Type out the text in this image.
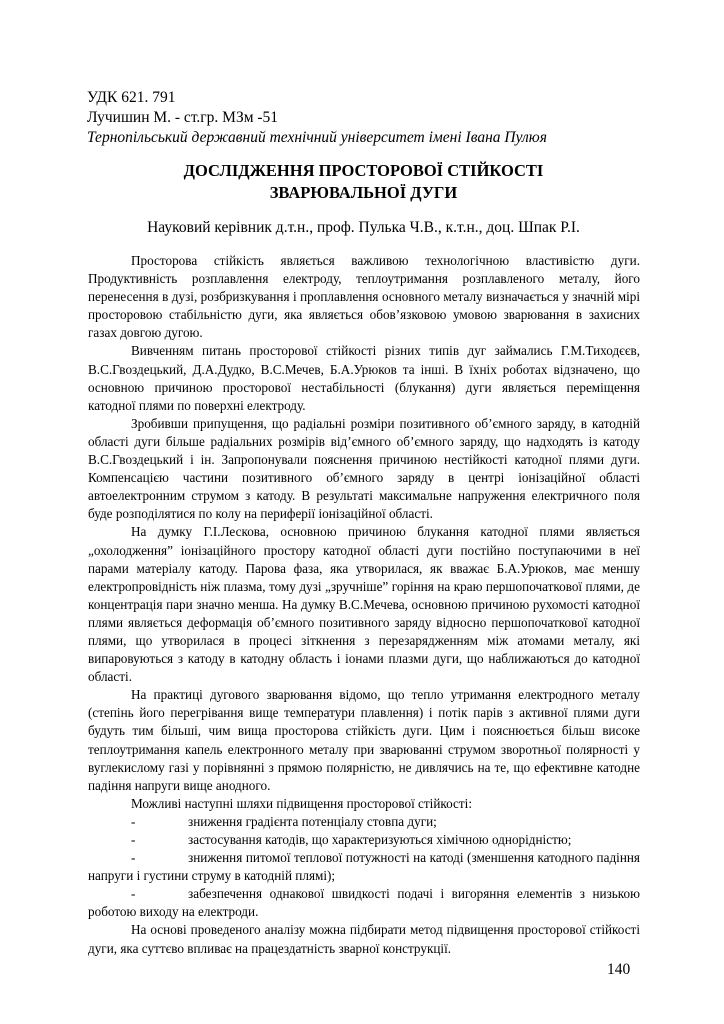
УДК 621. 791
Лучишин М. - ст.гр. МЗм -51
Тернопільський державний технічний університет імені Івана Пулюя
ДОСЛІДЖЕННЯ ПРОСТОРОВОЇ СТІЙКОСТІ
ЗВАРЮВАЛЬНОЇ ДУГИ
Науковий керівник д.т.н., проф. Пулька Ч.В., к.т.н., доц. Шпак Р.І.

Просторова стійкість являється важливою технологічною властивістю дуги. Продуктивність розплавлення електроду, теплоутримання розплавленого металу, його перенесення в дузі, розбризкування і проплавлення основного металу визначається у значній мірі просторовою стабільністю дуги, яка являється обов’язковою умовою зварювання в захисних газах довгою дугою.

Вивченням питань просторової стійкості різних типів дуг займались Г.М.Тиходєєв, В.С.Гвоздецький, Д.А.Дудко, В.С.Мечев, Б.А.Урюков та інші. В їхніх роботах відзначено, що основною причиною просторової нестабільності (блукання) дуги являється переміщення катодної плями по поверхні електроду.

Зробивши припущення, що радіальні розміри позитивного об’ємного заряду, в катодній області дуги більше радіальних розмірів від’ємного об’ємного заряду, що надходять із катоду В.С.Гвоздецький і ін. Запропонували пояснення причиною нестійкості катодної плями дуги. Компенсацією частини позитивного об’ємного заряду в центрі іонізаційної області автоелектронним струмом з катоду. В результаті максимальне напруження електричного поля буде розподілятися по колу на периферії іонізаційної області.

На думку Г.І.Лескова, основною причиною блукання катодної плями являється „охолодження” іонізаційного простору катодної області дуги постійно поступаючими в неї парами матеріалу катоду. Парова фаза, яка утворилася, як вважає Б.А.Урюков, має меншу електропровідність ніж плазма, тому дузі „зручніше” горіння на краю першопочаткової плями, де концентрація пари значно менша. На думку В.С.Мечева, основною причиною рухомості катодної плями являється деформація об’ємного позитивного заряду відносно першопочаткової катодної плями, що утворилася в процесі зіткнення з перезарядженням між атомами металу, які випаровуються з катоду в катодну область і іонами плазми дуги, що наближаються до катодної області.

На практиці дугового зварювання відомо, що тепло утримання електродного металу (степінь його перегрівання вище температури плавлення) і потік парів з активної плями дуги будуть тим більші, чим вища просторова стійкість дуги. Цим і пояснюється більш високе теплоутримання капель електронного металу при зварюванні струмом зворотньої полярності у вуглекислому газі у порівнянні з прямою полярністю, не дивлячись на те, що ефективне катодне падіння напруги вище анодного.

Можливі наступні шляхи підвищення просторової стійкості:

-	зниження градієнта потенціалу стовпа дуги;
-	застосування катодів, що характеризуються хімічною однорідністю;
-	зниження питомої теплової потужності на катоді (зменшення катодного падіння напруги і густини струму в катодній плямі);
-	забезпечення однакової швидкості подачі і вигоряння елементів з низькою роботою виходу на електроди.

На основі проведеного аналізу можна підбирати метод підвищення просторової стійкості дуги, яка суттєво впливає на працездатність зварної конструкції.

140
